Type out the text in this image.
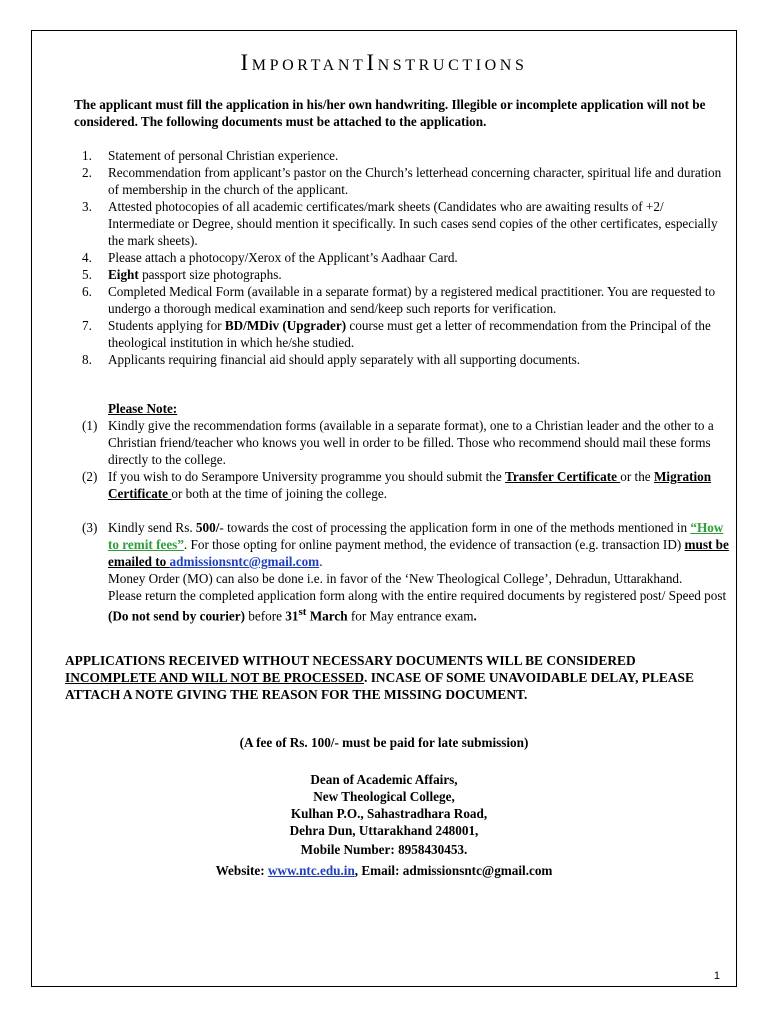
IMPORTANTINSTRUCTIONS
The applicant must fill the application in his/her own handwriting. Illegible or incomplete application will not be considered. The following documents must be attached to the application.
1. Statement of personal Christian experience.
2. Recommendation from applicant’s pastor on the Church’s letterhead concerning character, spiritual life and duration of membership in the church of the applicant.
3. Attested photocopies of all academic certificates/mark sheets (Candidates who are awaiting results of +2/ Intermediate or Degree, should mention it specifically. In such cases send copies of the other certificates, especially the mark sheets).
4. Please attach a photocopy/Xerox of the Applicant’s Aadhaar Card.
5. Eight passport size photographs.
6. Completed Medical Form (available in a separate format) by a registered medical practitioner. You are requested to undergo a thorough medical examination and send/keep such reports for verification.
7. Students applying for BD/MDiv (Upgrader) course must get a letter of recommendation from the Principal of the theological institution in which he/she studied.
8. Applicants requiring financial aid should apply separately with all supporting documents.
Please Note:
(1) Kindly give the recommendation forms (available in a separate format), one to a Christian leader and the other to a Christian friend/teacher who knows you well in order to be filled. Those who recommend should mail these forms directly to the college.
(2) If you wish to do Serampore University programme you should submit the Transfer Certificate or the Migration Certificate or both at the time of joining the college.
(3) Kindly send Rs. 500/- towards the cost of processing the application form in one of the methods mentioned in “How to remit fees”. For those opting for online payment method, the evidence of transaction (e.g. transaction ID) must be emailed to admissionsntc@gmail.com.
Money Order (MO) can also be done i.e. in favor of the ‘New Theological College’, Dehradun, Uttarakhand.
Please return the completed application form along with the entire required documents by registered post/ Speed post (Do not send by courier) before 31st March for May entrance exam.
APPLICATIONS RECEIVED WITHOUT NECESSARY DOCUMENTS WILL BE CONSIDERED INCOMPLETE AND WILL NOT BE PROCESSED. INCASE OF SOME UNAVOIDABLE DELAY, PLEASE ATTACH A NOTE GIVING THE REASON FOR THE MISSING DOCUMENT.
(A fee of Rs. 100/- must be paid for late submission)
Dean of Academic Affairs,
New Theological College,
Kulhan P.O., Sahastradhara Road,
Dehra Dun, Uttarakhand 248001,
Mobile Number: 8958430453.
Website: www.ntc.edu.in, Email: admissionsntc@gmail.com
1
